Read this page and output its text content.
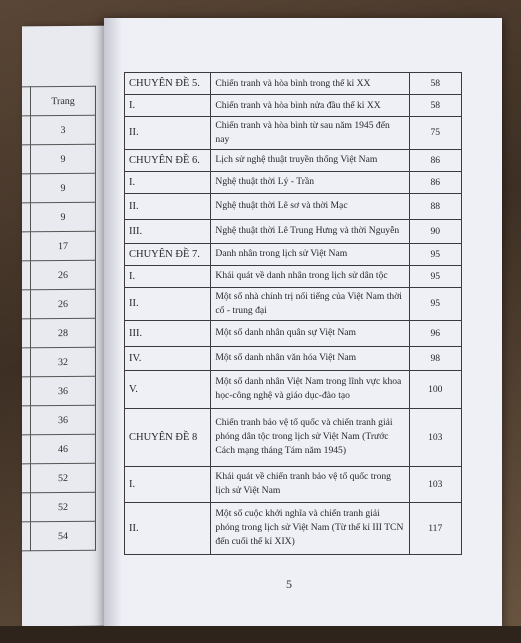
	Trang
	3
	9
	9
	9
	17
	26
	26
	28
	32
	36
	36
	46
	52
	52
	54
CHUYÊN ĐỀ 5.	Chiến tranh và hòa bình trong thế kỉ XX	58
I.	Chiến tranh và hòa bình nửa đầu thế kỉ XX	58
II.	Chiến tranh và hòa bình từ sau năm 1945 đến nay	75
CHUYÊN ĐỀ 6.	Lịch sử nghệ thuật truyền thống Việt Nam	86
I.	Nghệ thuật thời Lý - Trần	86
II.	Nghệ thuật thời Lê sơ và thời Mạc	88
III.	Nghệ thuật thời Lê Trung Hưng và thời Nguyễn	90
CHUYÊN ĐỀ 7.	Danh nhân trong lịch sử Việt Nam	95
I.	Khái quát về danh nhân trong lịch sử dân tộc	95
II.	Một số nhà chính trị nổi tiếng của Việt Nam thời cổ - trung đại	95
III.	Một số danh nhân quân sự Việt Nam	96
IV.	Một số danh nhân văn hóa Việt Nam	98
V.	Một số danh nhân Việt Nam trong lĩnh vực khoa học-công nghệ và giáo dục-đào tạo	100
CHUYÊN ĐỀ 8	Chiến tranh bảo vệ tổ quốc và chiến tranh giải phóng dân tộc trong lịch sử Việt Nam (Trước Cách mạng tháng Tám năm 1945)	103
I.	Khái quát về chiến tranh bảo vệ tổ quốc trong lịch sử Việt Nam	103
II.	Một số cuộc khởi nghĩa và chiến tranh giải phóng trong lịch sử Việt Nam (Từ thế kỉ III TCN đến cuối thế kỉ XIX)	117
5
